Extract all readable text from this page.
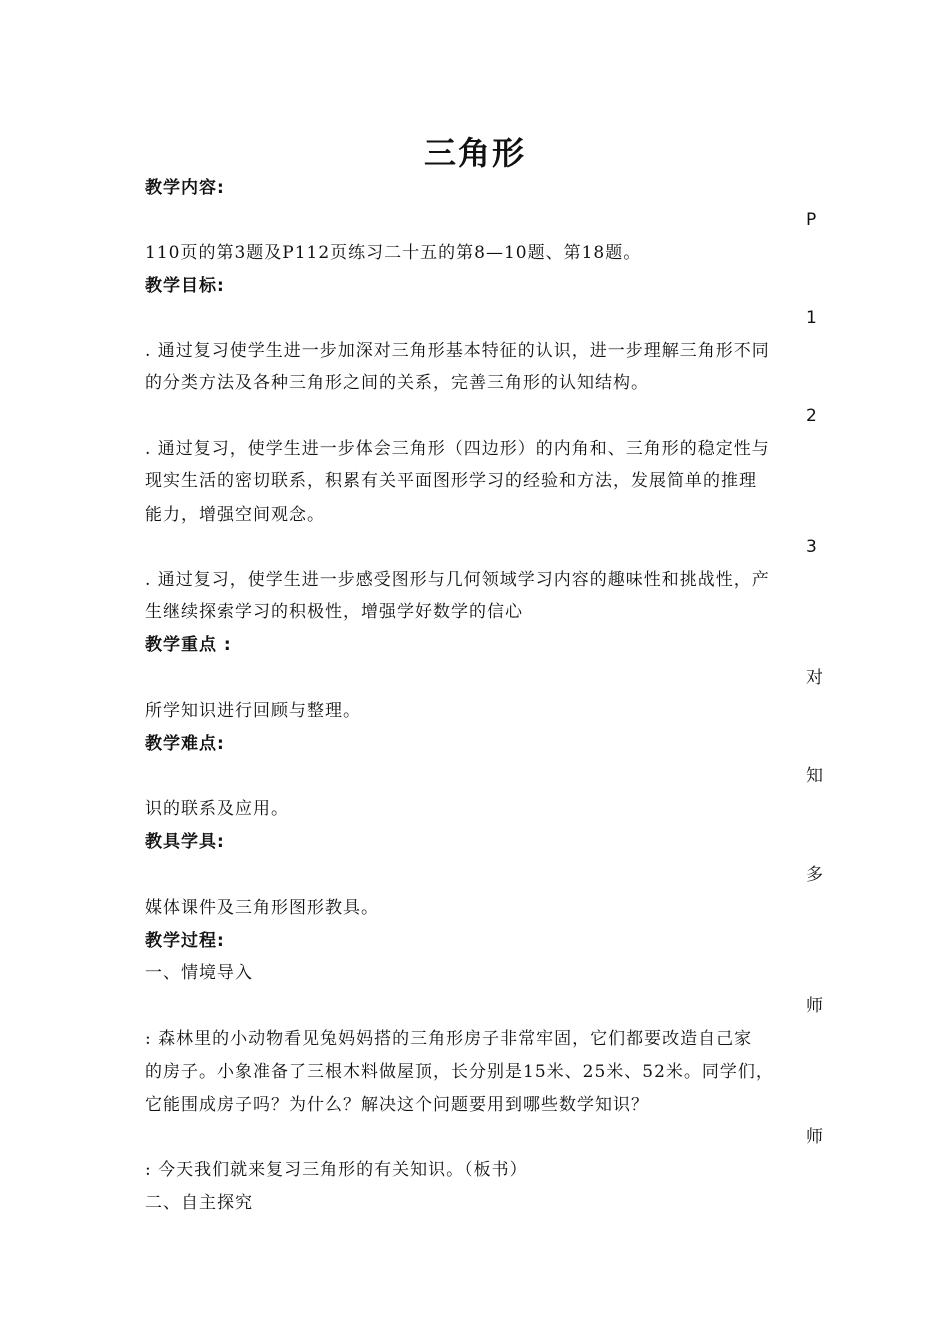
三角形
教学内容:
P
110页的第3题及P112页练习二十五的第8—10题、第18题。
教学目标:
1
. 通过复习使学生进一步加深对三角形基本特征的认识，进一步理解三角形不同
的分类方法及各种三角形之间的关系，完善三角形的认知结构。
2
. 通过复习，使学生进一步体会三角形（四边形）的内角和、三角形的稳定性与
现实生活的密切联系，积累有关平面图形学习的经验和方法，发展简单的推理
能力，增强空间观念。
3
. 通过复习，使学生进一步感受图形与几何领域学习内容的趣味性和挑战性，产
生继续探索学习的积极性，增强学好数学的信心
教学重点 :
对
所学知识进行回顾与整理。
教学难点:
知
识的联系及应用。
教具学具:
多
媒体课件及三角形图形教具。
教学过程:
一、情境导入
师
: 森林里的小动物看见兔妈妈搭的三角形房子非常牢固，它们都要改造自己家
的房子。小象准备了三根木料做屋顶，长分别是15米、25米、52米。同学们，
它能围成房子吗？为什么？解决这个问题要用到哪些数学知识？
师
: 今天我们就来复习三角形的有关知识。（板书）
二、自主探究
